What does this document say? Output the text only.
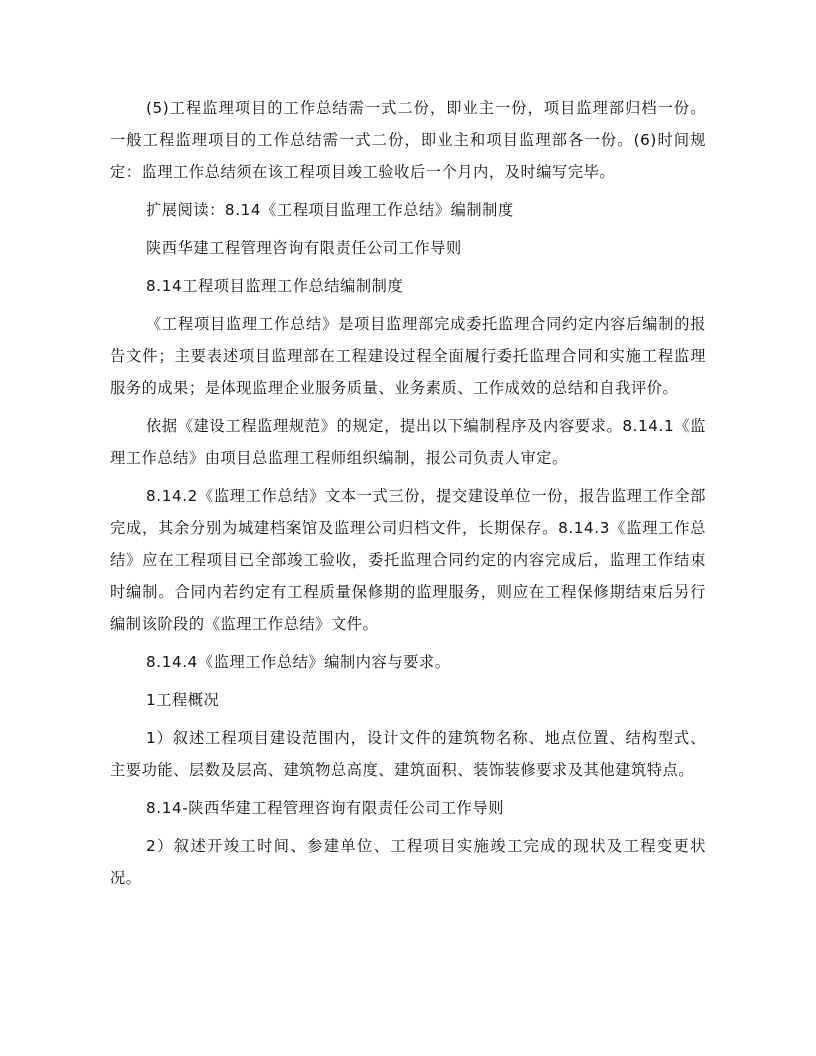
(5)工程监理项目的工作总结需一式二份，即业主一份，项目监理部归档一份。一般工程监理项目的工作总结需一式二份，即业主和项目监理部各一份。(6)时间规定：监理工作总结须在该工程项目竣工验收后一个月内，及时编写完毕。

扩展阅读：8.14《工程项目监理工作总结》编制制度

陕西华建工程管理咨询有限责任公司工作导则

8.14工程项目监理工作总结编制制度

《工程项目监理工作总结》是项目监理部完成委托监理合同约定内容后编制的报告文件；主要表述项目监理部在工程建设过程全面履行委托监理合同和实施工程监理服务的成果；是体现监理企业服务质量、业务素质、工作成效的总结和自我评价。

依据《建设工程监理规范》的规定，提出以下编制程序及内容要求。8.14.1《监理工作总结》由项目总监理工程师组织编制，报公司负责人审定。

8.14.2《监理工作总结》文本一式三份，提交建设单位一份，报告监理工作全部完成，其余分别为城建档案馆及监理公司归档文件，长期保存。8.14.3《监理工作总结》应在工程项目已全部竣工验收，委托监理合同约定的内容完成后，监理工作结束时编制。合同内若约定有工程质量保修期的监理服务，则应在工程保修期结束后另行编制该阶段的《监理工作总结》文件。

8.14.4《监理工作总结》编制内容与要求。

1工程概况

1）叙述工程项目建设范围内，设计文件的建筑物名称、地点位置、结构型式、主要功能、层数及层高、建筑物总高度、建筑面积、装饰装修要求及其他建筑特点。

8.14-陕西华建工程管理咨询有限责任公司工作导则

2）叙述开竣工时间、参建单位、工程项目实施竣工完成的现状及工程变更状况。
